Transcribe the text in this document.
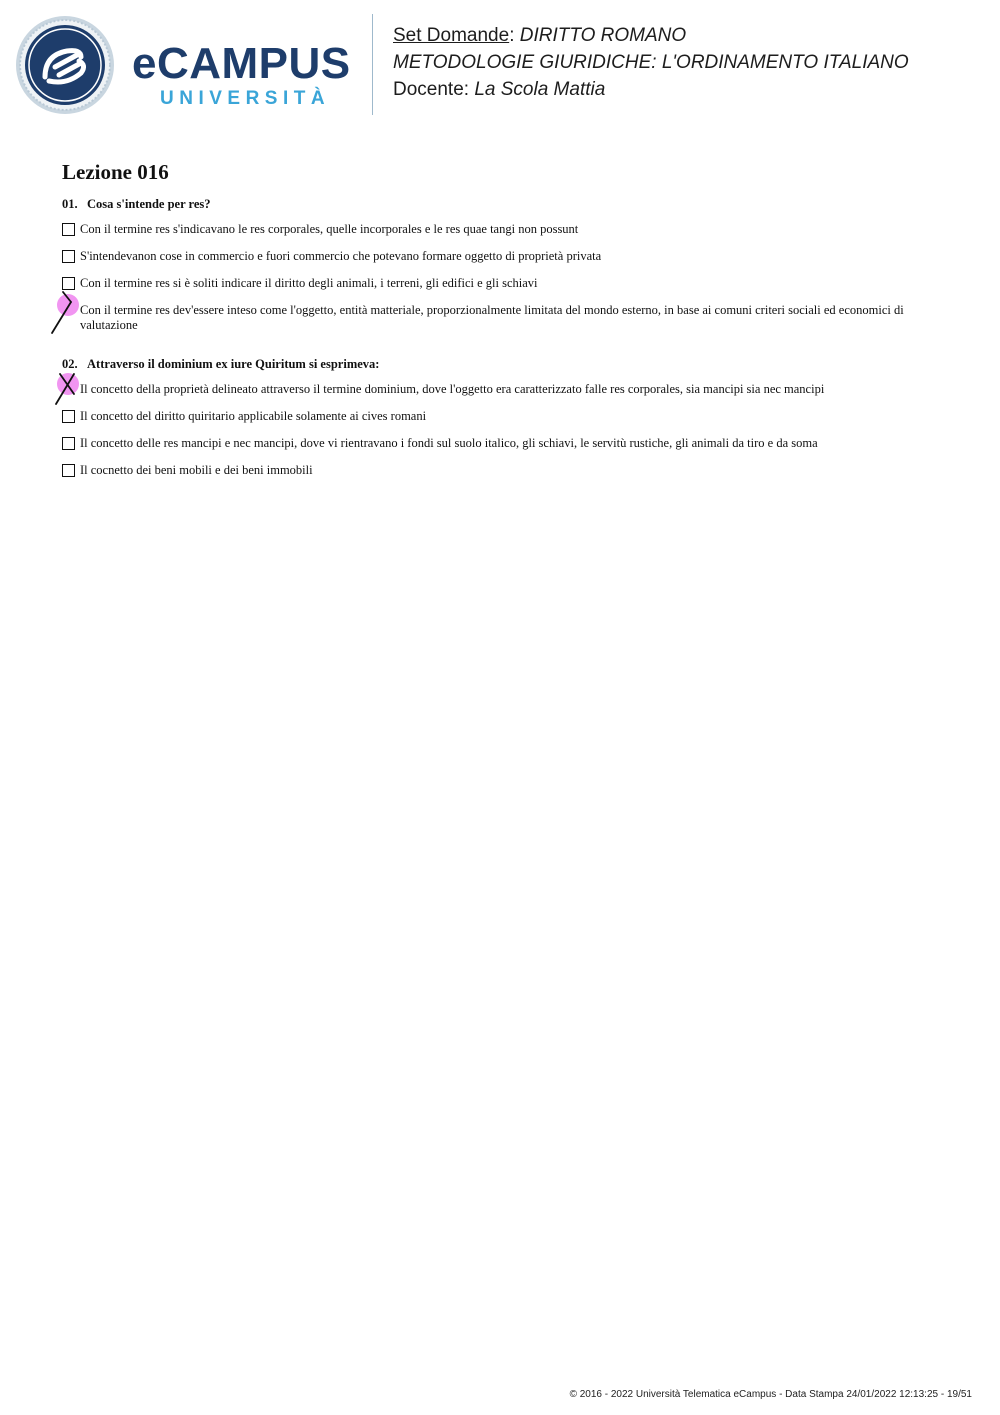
eCAMPUS
UNIVERSITÀ
Set Domande: DIRITTO ROMANO
METODOLOGIE GIURIDICHE: L'ORDINAMENTO ITALIANO
Docente: La Scola Mattia
Lezione 016
01. Cosa s'intende per res?
Con il termine res s'indicavano le res corporales, quelle incorporales e le res quae tangi non possunt
S'intendevanon cose in commercio e fuori commercio che potevano formare oggetto di proprietà privata
Con il termine res si è soliti indicare il diritto degli animali, i terreni, gli edifici e gli schiavi
Con il termine res dev'essere inteso come l'oggetto, entità matteriale, proporzionalmente limitata del mondo esterno, in base ai comuni criteri sociali ed economici di valutazione
02. Attraverso il dominium ex iure Quiritum si esprimeva:
Il concetto della proprietà delineato attraverso il termine dominium, dove l'oggetto era caratterizzato falle res corporales, sia mancipi sia nec mancipi
Il concetto del diritto quiritario applicabile solamente ai cives romani
Il concetto delle res mancipi e nec mancipi, dove vi rientravano i fondi sul suolo italico, gli schiavi, le servitù rustiche, gli animali da tiro e da soma
Il cocnetto dei beni mobili e dei beni immobili
© 2016 - 2022 Università Telematica eCampus - Data Stampa 24/01/2022 12:13:25 - 19/51
